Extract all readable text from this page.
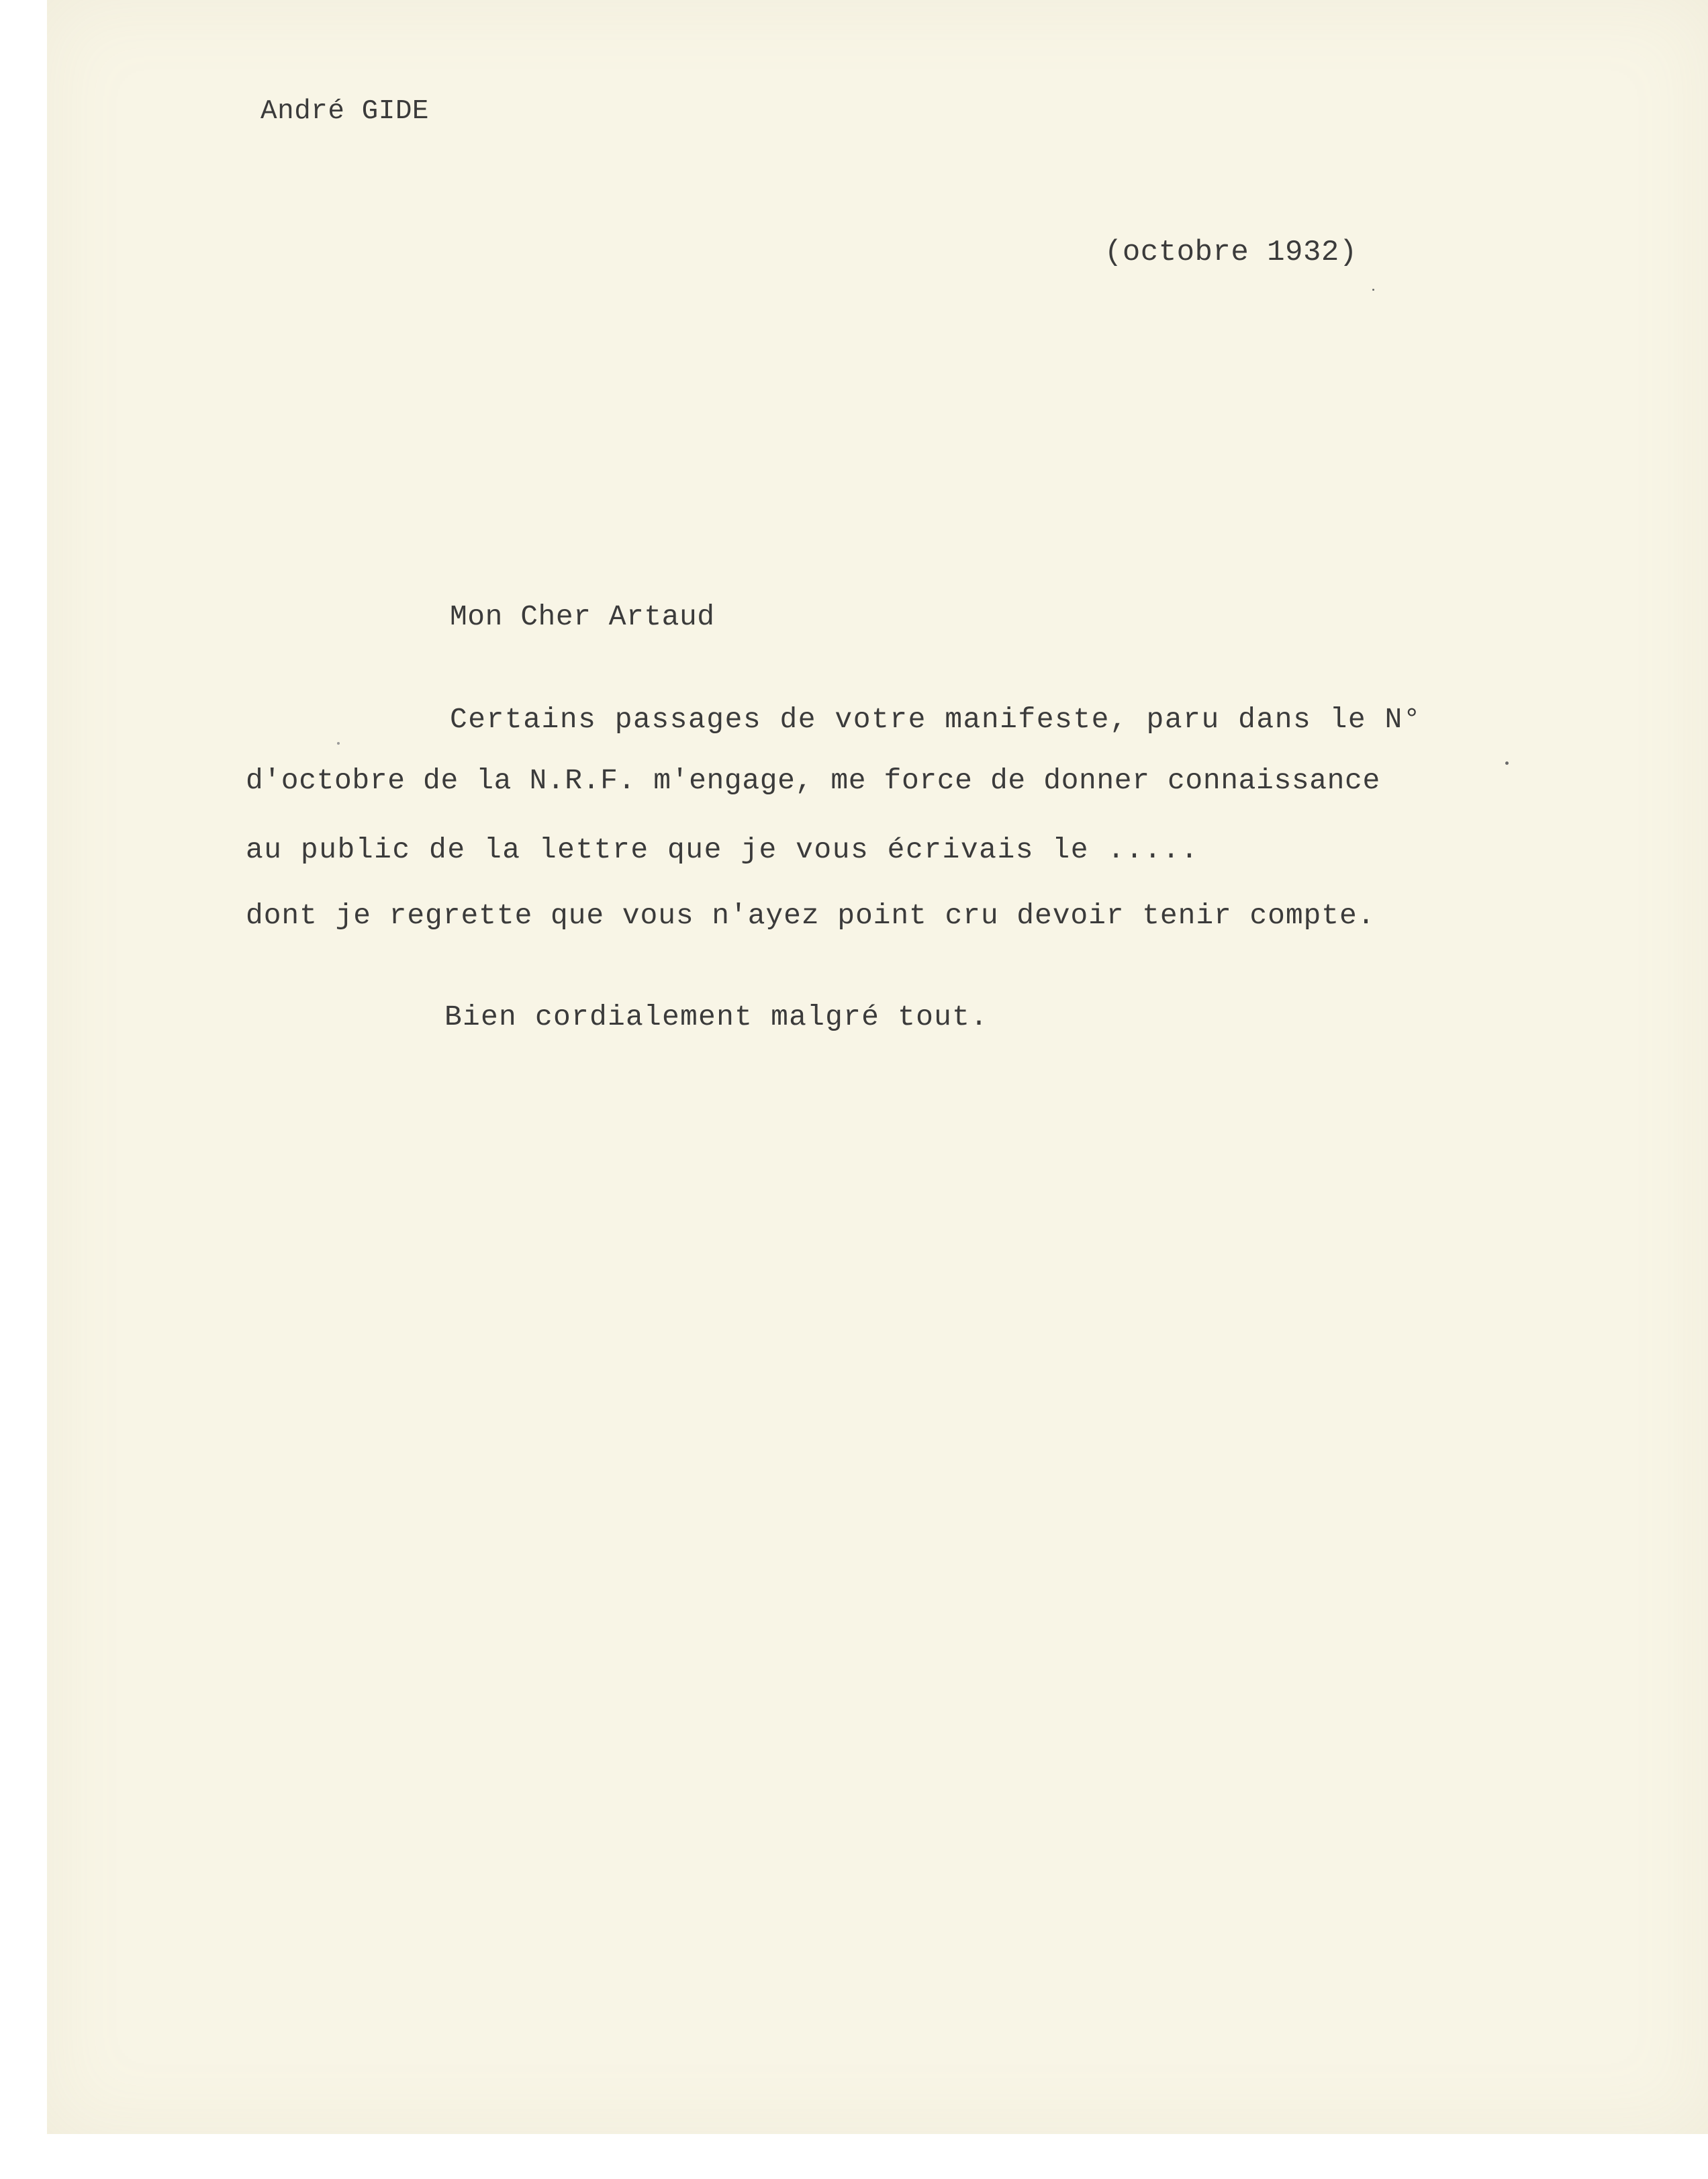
André GIDE
(octobre 1932)
Mon Cher Artaud
Certains passages de votre manifeste, paru dans le N°
d'octobre de la N.R.F. m'engage, me force de donner connaissance
au public de la lettre que je vous écrivais le .....
dont je regrette que vous n'ayez point cru devoir tenir compte.
Bien cordialement malgré tout.
